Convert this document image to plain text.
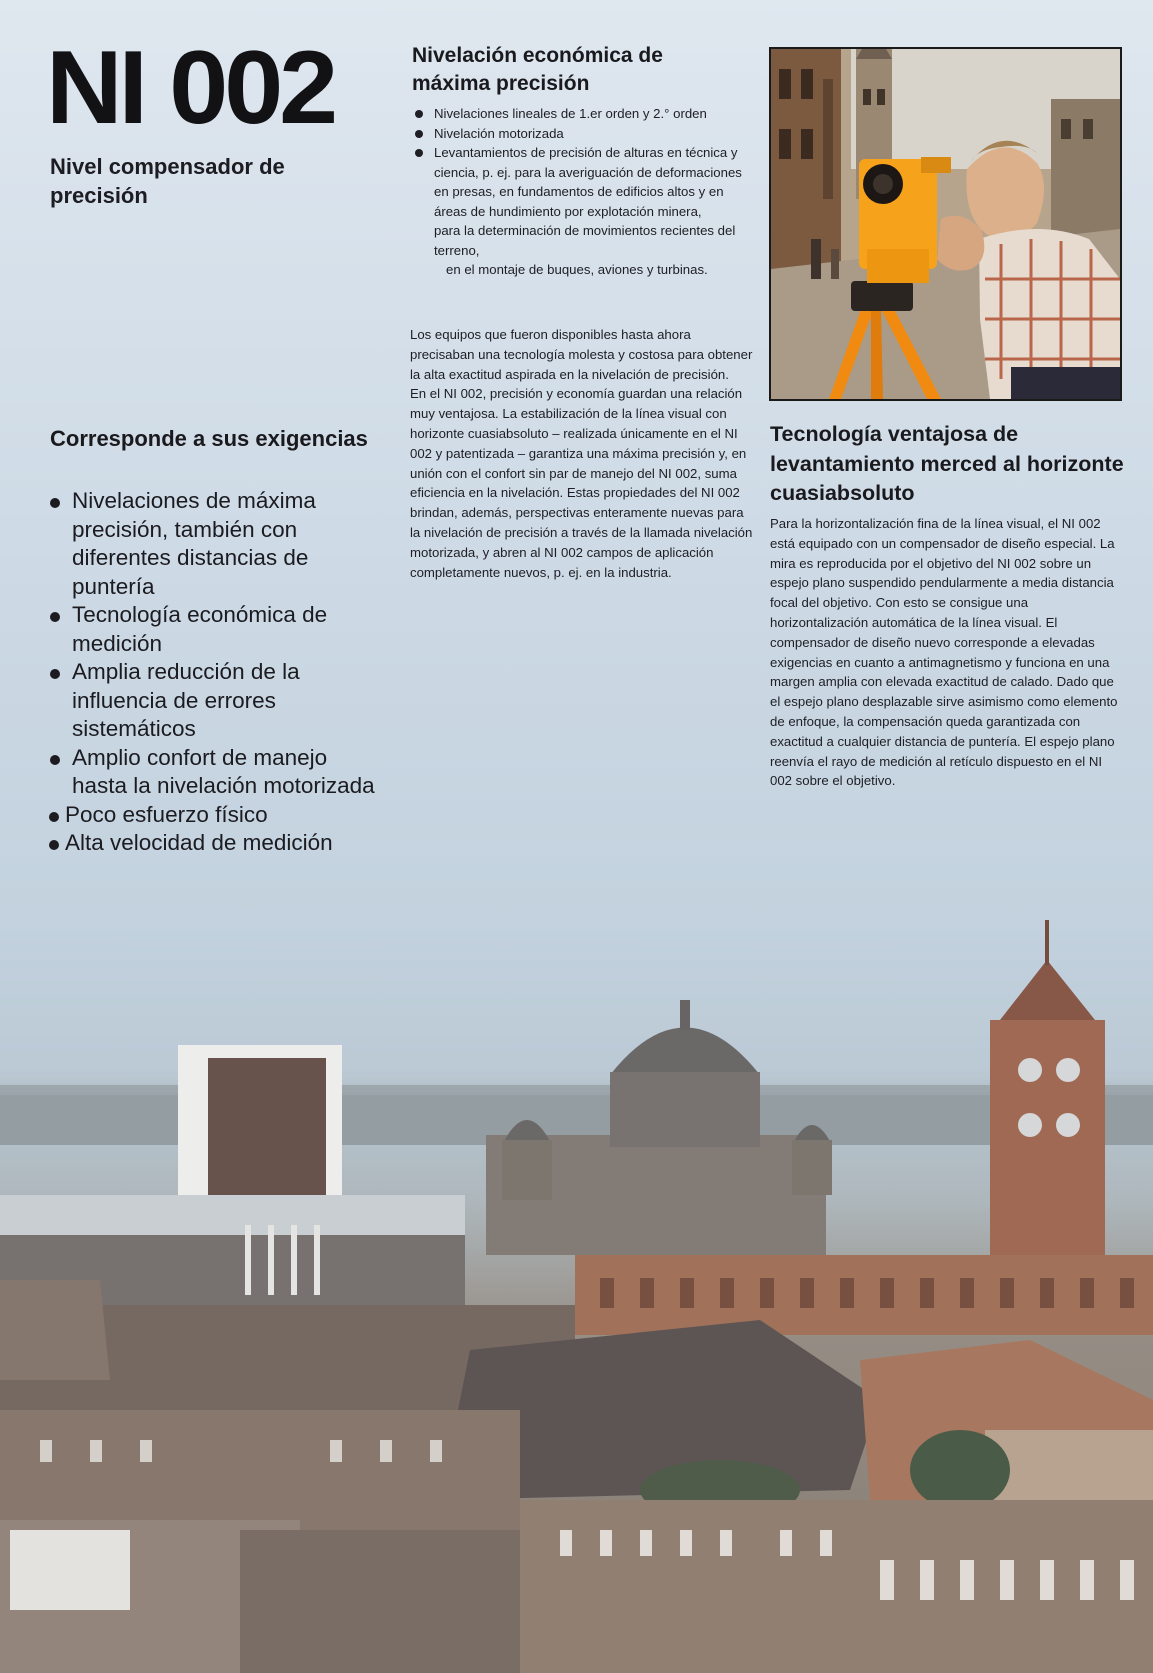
NI 002
Nivel compensador de precisión
Corresponde a sus exigencias
Nivelaciones de máxima precisión, también con diferentes distancias de puntería
Tecnología económica de medición
Amplia reducción de la influencia de errores sistemáticos
Amplio confort de manejo hasta la nivelación motorizada
Poco esfuerzo físico
Alta velocidad de medición
Nivelación económica de máxima precisión
Nivelaciones lineales de 1.er orden y 2.° orden
Nivelación motorizada
Levantamientos de precisión de alturas en técnica y ciencia, p. ej. para la averiguación de deformaciones en presas, en fundamentos de edificios altos y en áreas de hundimiento por explotación minera,
para la determinación de movimientos recientes del terreno,
en el montaje de buques, aviones y turbinas.

Los equipos que fueron disponibles hasta ahora precisaban una tecnología molesta y costosa para obtener la alta exactitud aspirada en la nivelación de precisión.

En el NI 002, precisión y economía guardan una relación muy ventajosa. La estabilización de la línea visual con horizonte cuasiabsoluto – realizada únicamente en el NI 002 y patentizada – garantiza una máxima precisión y, en unión con el confort sin par de manejo del NI 002, suma eficiencia en la nivelación. Estas propiedades del NI 002 brindan, además, perspectivas enteramente nuevas para la nivelación de precisión a través de la llamada nivelación motorizada, y abren al NI 002 campos de aplicación completamente nuevos, p. ej. en la industria.

Tecnología ventajosa de levantamiento merced al horizonte cuasiabsoluto

Para la horizontalización fina de la línea visual, el NI 002 está equipado con un compensador de diseño especial. La mira es reproducida por el objetivo del NI 002 sobre un espejo plano suspendido pendularmente a media distancia focal del objetivo. Con esto se consigue una horizontalización automática de la línea visual. El compensador de diseño nuevo corresponde a elevadas exigencias en cuanto a antimagnetismo y funciona en una margen amplia con elevada exactitud de calado. Dado que el espejo plano desplazable sirve asimismo como elemento de enfoque, la compensación queda garantizada con exactitud a cualquier distancia de puntería. El espejo plano reenvía el rayo de medición al retículo dispuesto en el NI 002 sobre el objetivo.
